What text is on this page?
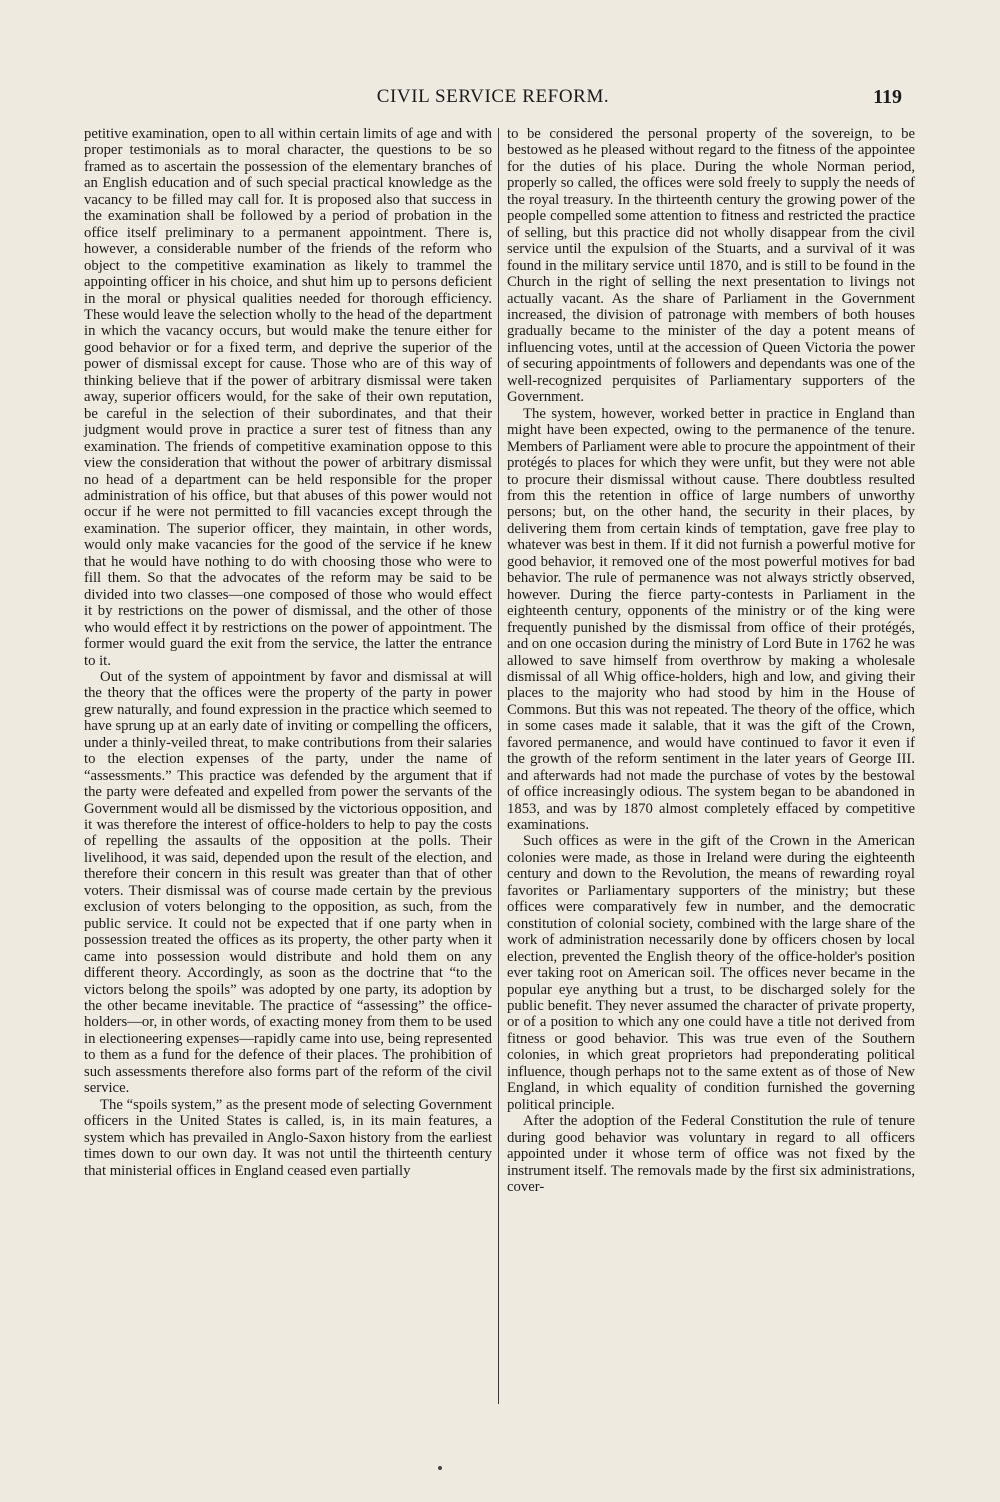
CIVIL SERVICE REFORM.	119

petitive examination, open to all within certain limits of age and with proper testimonials as to moral character, the questions to be so framed as to ascertain the possession of the elementary branches of an English education and of such special practical knowledge as the vacancy to be filled may call for. It is proposed also that success in the examination shall be followed by a period of probation in the office itself preliminary to a permanent appointment. There is, however, a considerable number of the friends of the reform who object to the competitive examination as likely to trammel the appointing officer in his choice, and shut him up to persons deficient in the moral or physical qualities needed for thorough efficiency. These would leave the selection wholly to the head of the department in which the vacancy occurs, but would make the tenure either for good behavior or for a fixed term, and deprive the superior of the power of dismissal except for cause. Those who are of this way of thinking believe that if the power of arbitrary dismissal were taken away, superior officers would, for the sake of their own reputation, be careful in the selection of their subordinates, and that their judgment would prove in practice a surer test of fitness than any examination. The friends of competitive examination oppose to this view the consideration that without the power of arbitrary dismissal no head of a department can be held responsible for the proper administration of his office, but that abuses of this power would not occur if he were not permitted to fill vacancies except through the examination. The superior officer, they maintain, in other words, would only make vacancies for the good of the service if he knew that he would have nothing to do with choosing those who were to fill them. So that the advocates of the reform may be said to be divided into two classes—one composed of those who would effect it by restrictions on the power of dismissal, and the other of those who would effect it by restrictions on the power of appointment. The former would guard the exit from the service, the latter the entrance to it.

Out of the system of appointment by favor and dismissal at will the theory that the offices were the property of the party in power grew naturally, and found expression in the practice which seemed to have sprung up at an early date of inviting or compelling the officers, under a thinly-veiled threat, to make contributions from their salaries to the election expenses of the party, under the name of “assessments.” This practice was defended by the argument that if the party were defeated and expelled from power the servants of the Government would all be dismissed by the victorious opposition, and it was therefore the interest of office-holders to help to pay the costs of repelling the assaults of the opposition at the polls. Their livelihood, it was said, depended upon the result of the election, and therefore their concern in this result was greater than that of other voters. Their dismissal was of course made certain by the previous exclusion of voters belonging to the opposition, as such, from the public service. It could not be expected that if one party when in possession treated the offices as its property, the other party when it came into possession would distribute and hold them on any different theory. Accordingly, as soon as the doctrine that “to the victors belong the spoils” was adopted by one party, its adoption by the other became inevitable. The practice of “assessing” the office-holders—or, in other words, of exacting money from them to be used in electioneering expenses—rapidly came into use, being represented to them as a fund for the defence of their places. The prohibition of such assessments therefore also forms part of the reform of the civil service.

The “spoils system,” as the present mode of selecting Government officers in the United States is called, is, in its main features, a system which has prevailed in Anglo-Saxon history from the earliest times down to our own day. It was not until the thirteenth century that ministerial offices in England ceased even partially

to be considered the personal property of the sovereign, to be bestowed as he pleased without regard to the fitness of the appointee for the duties of his place. During the whole Norman period, properly so called, the offices were sold freely to supply the needs of the royal treasury. In the thirteenth century the growing power of the people compelled some attention to fitness and restricted the practice of selling, but this practice did not wholly disappear from the civil service until the expulsion of the Stuarts, and a survival of it was found in the military service until 1870, and is still to be found in the Church in the right of selling the next presentation to livings not actually vacant. As the share of Parliament in the Government increased, the division of patronage with members of both houses gradually became to the minister of the day a potent means of influencing votes, until at the accession of Queen Victoria the power of securing appointments of followers and dependants was one of the well-recognized perquisites of Parliamentary supporters of the Government.

The system, however, worked better in practice in England than might have been expected, owing to the permanence of the tenure. Members of Parliament were able to procure the appointment of their protégés to places for which they were unfit, but they were not able to procure their dismissal without cause. There doubtless resulted from this the retention in office of large numbers of unworthy persons; but, on the other hand, the security in their places, by delivering them from certain kinds of temptation, gave free play to whatever was best in them. If it did not furnish a powerful motive for good behavior, it removed one of the most powerful motives for bad behavior. The rule of permanence was not always strictly observed, however. During the fierce party-contests in Parliament in the eighteenth century, opponents of the ministry or of the king were frequently punished by the dismissal from office of their protégés, and on one occasion during the ministry of Lord Bute in 1762 he was allowed to save himself from overthrow by making a wholesale dismissal of all Whig office-holders, high and low, and giving their places to the majority who had stood by him in the House of Commons. But this was not repeated. The theory of the office, which in some cases made it salable, that it was the gift of the Crown, favored permanence, and would have continued to favor it even if the growth of the reform sentiment in the later years of George III. and afterwards had not made the purchase of votes by the bestowal of office increasingly odious. The system began to be abandoned in 1853, and was by 1870 almost completely effaced by competitive examinations.

Such offices as were in the gift of the Crown in the American colonies were made, as those in Ireland were during the eighteenth century and down to the Revolution, the means of rewarding royal favorites or Parliamentary supporters of the ministry; but these offices were comparatively few in number, and the democratic constitution of colonial society, combined with the large share of the work of administration necessarily done by officers chosen by local election, prevented the English theory of the office-holder's position ever taking root on American soil. The offices never became in the popular eye anything but a trust, to be discharged solely for the public benefit. They never assumed the character of private property, or of a position to which any one could have a title not derived from fitness or good behavior. This was true even of the Southern colonies, in which great proprietors had preponderating political influence, though perhaps not to the same extent as of those of New England, in which equality of condition furnished the governing political principle.

After the adoption of the Federal Constitution the rule of tenure during good behavior was voluntary in regard to all officers appointed under it whose term of office was not fixed by the instrument itself. The removals made by the first six administrations, cover-
